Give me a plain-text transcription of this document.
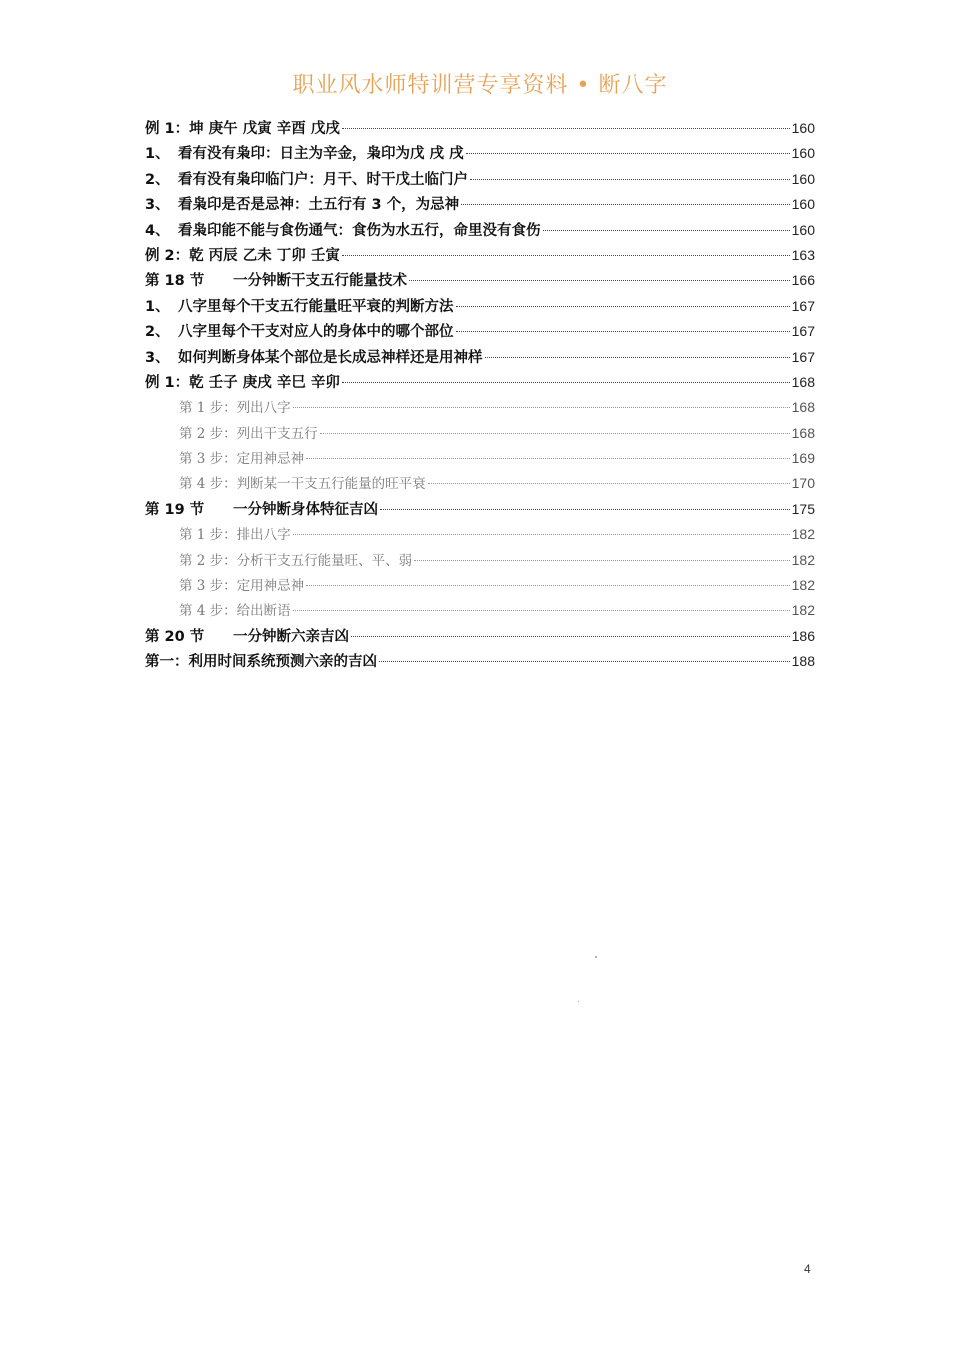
职业风水师特训营专享资料 • 断八字
例 1：坤 庚午 戊寅 辛酉 戊戌	160
1、 看有没有枭印：日主为辛金，枭印为戊 戌 戌	160
2、 看有没有枭印临门户：月干、时干戊土临门户	160
3、 看枭印是否是忌神：土五行有 3 个，为忌神	160
4、 看枭印能不能与食伤通气：食伤为水五行，命里没有食伤	160
例 2：乾 丙辰 乙未 丁卯 壬寅	163
第 18 节	一分钟断干支五行能量技术	166
1、 八字里每个干支五行能量旺平衰的判断方法	167
2、 八字里每个干支对应人的身体中的哪个部位	167
3、 如何判断身体某个部位是长成忌神样还是用神样	167
例 1：乾 壬子 庚戌 辛巳 辛卯	168
第 1 步：列出八字	168
第 2 步：列出干支五行	168
第 3 步：定用神忌神	169
第 4 步：判断某一干支五行能量的旺平衰	170
第 19 节	一分钟断身体特征吉凶	175
第 1 步：排出八字	182
第 2 步：分析干支五行能量旺、平、弱	182
第 3 步：定用神忌神	182
第 4 步：给出断语	182
第 20 节	一分钟断六亲吉凶	186
第一：利用时间系统预测六亲的吉凶	188
4
